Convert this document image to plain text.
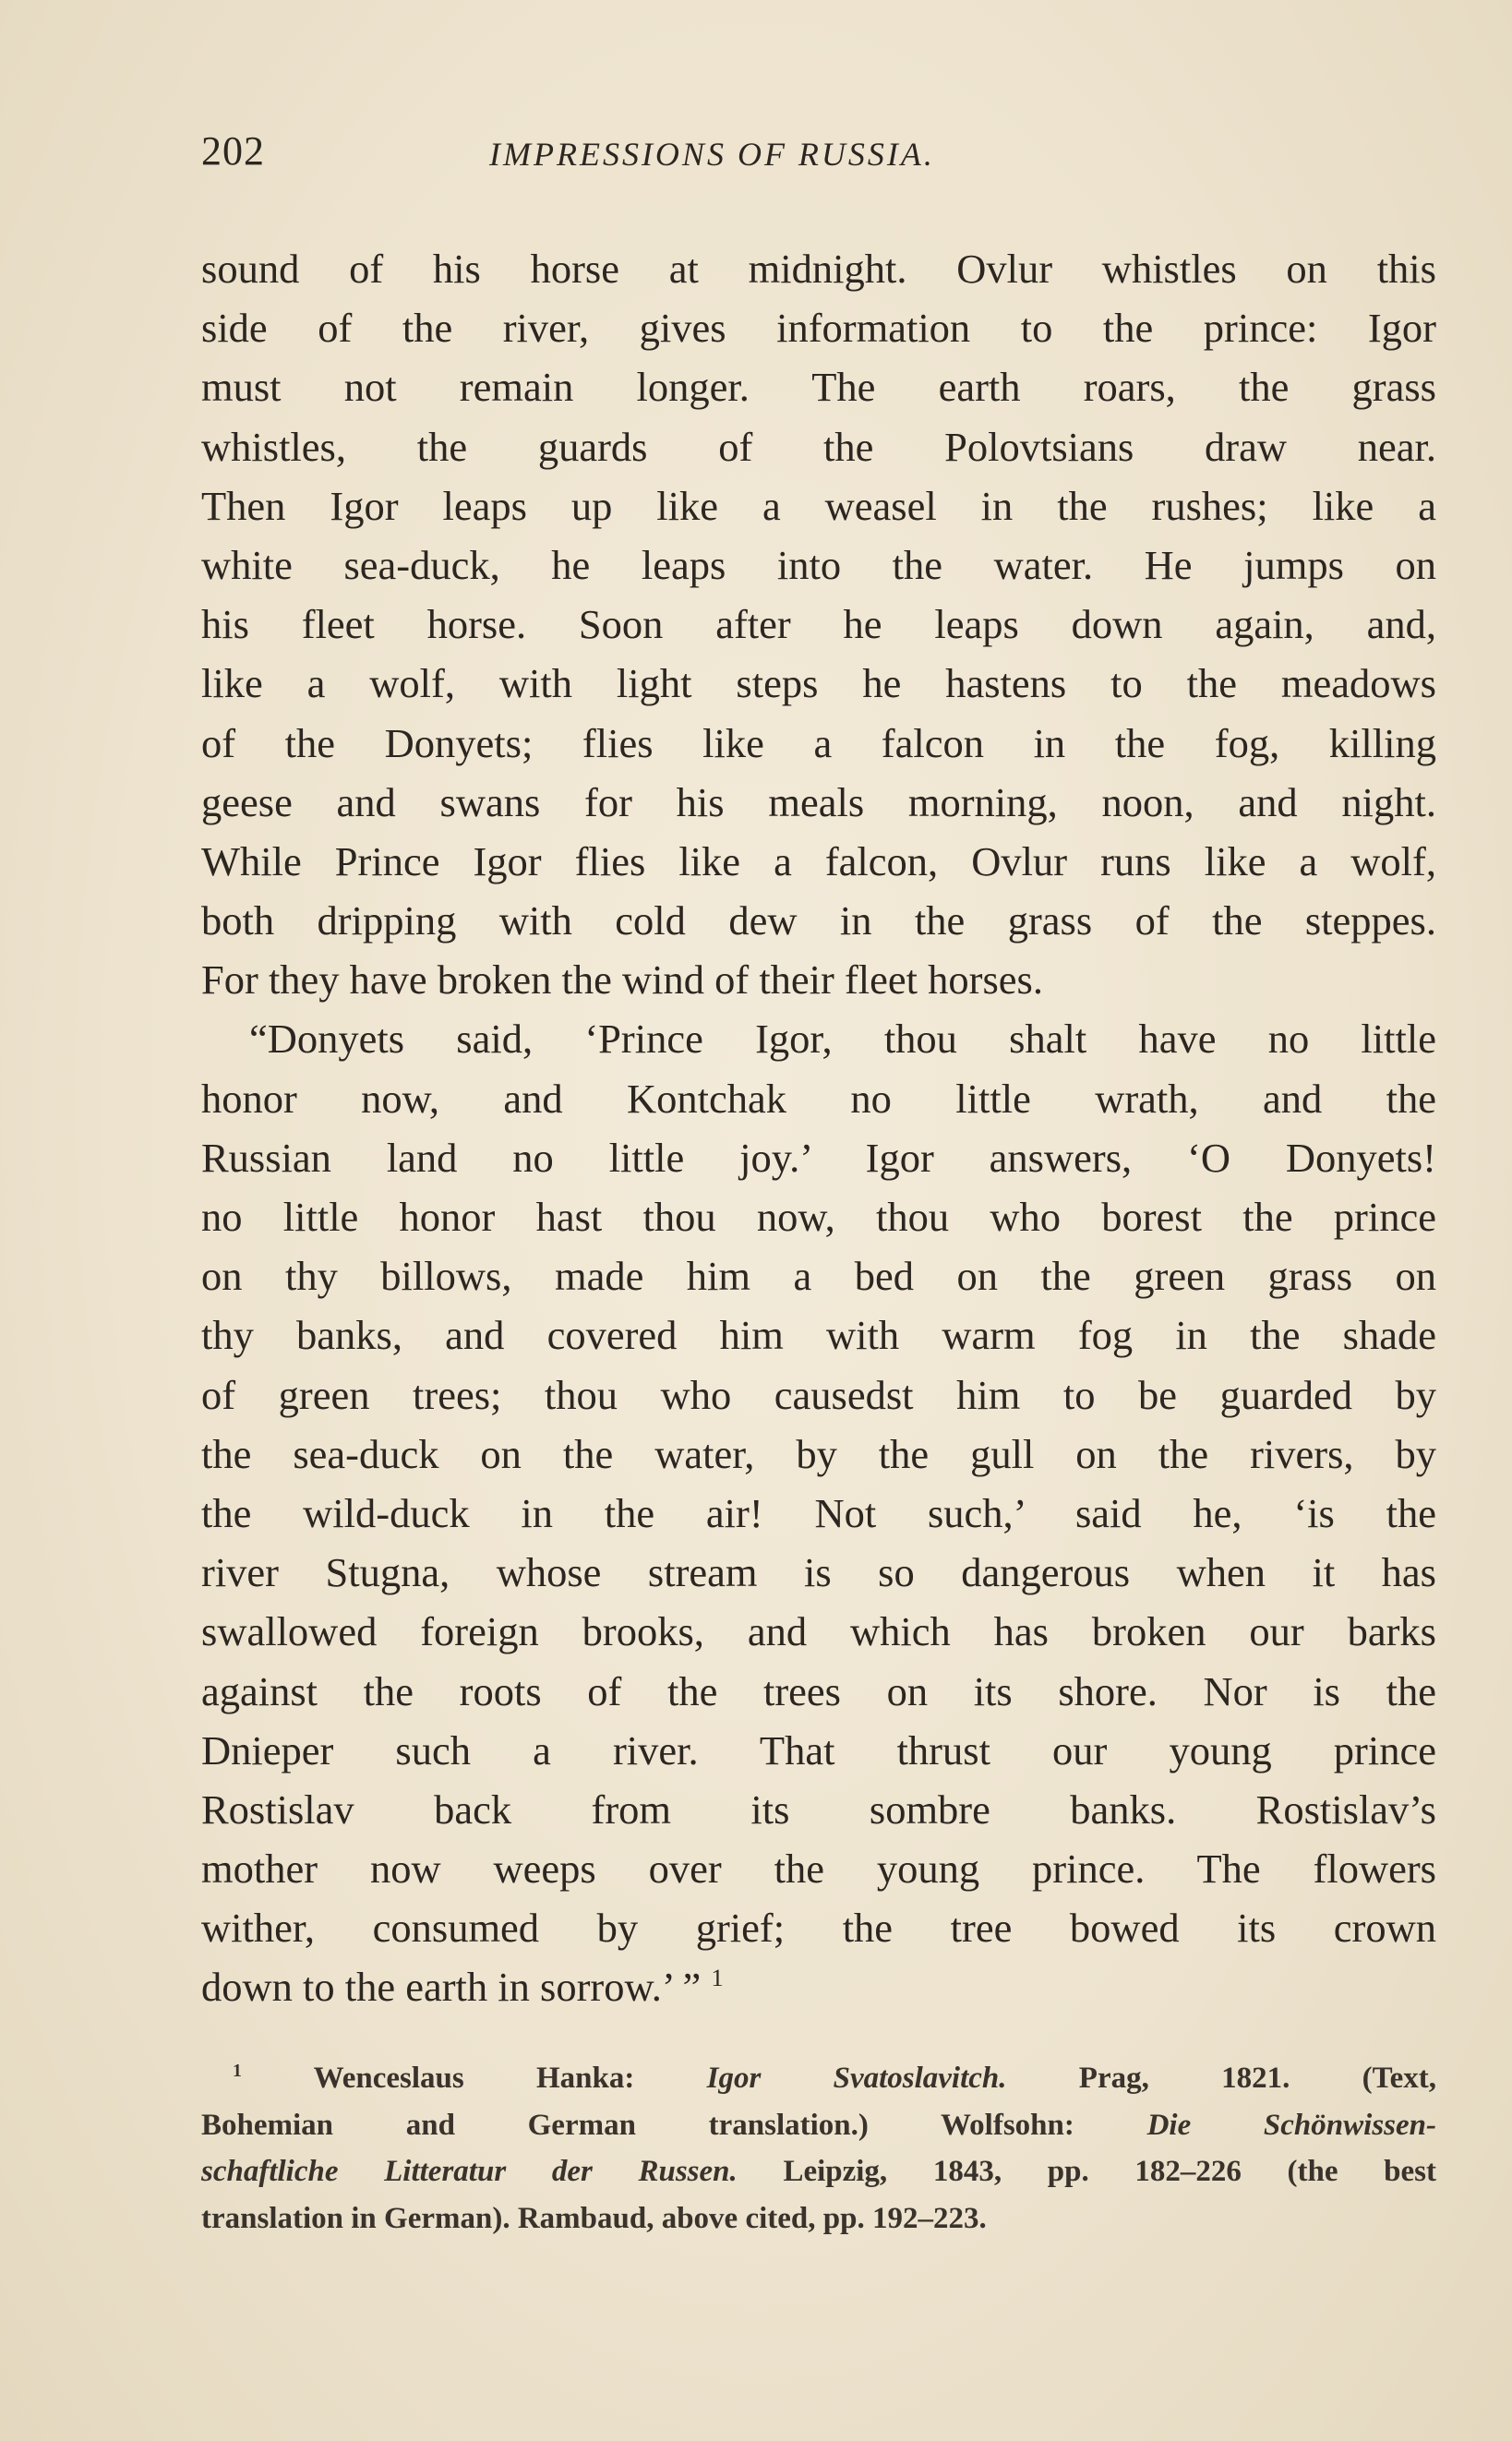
202	IMPRESSIONS OF RUSSIA.
sound of his horse at midnight. Ovlur whistles on this
side of the river, gives information to the prince: Igor
must not remain longer. The earth roars, the grass
whistles, the guards of the Polovtsians draw near.
Then Igor leaps up like a weasel in the rushes; like a
white sea-duck, he leaps into the water. He jumps on
his fleet horse. Soon after he leaps down again, and,
like a wolf, with light steps he hastens to the meadows
of the Donyets; flies like a falcon in the fog, killing
geese and swans for his meals morning, noon, and night.
While Prince Igor flies like a falcon, Ovlur runs like a wolf,
both dripping with cold dew in the grass of the steppes.
For they have broken the wind of their fleet horses.
“Donyets said, ‘Prince Igor, thou shalt have no little
honor now, and Kontchak no little wrath, and the
Russian land no little joy.’ Igor answers, ‘O Donyets!
no little honor hast thou now, thou who borest the prince
on thy billows, made him a bed on the green grass on
thy banks, and covered him with warm fog in the shade
of green trees; thou who causedst him to be guarded by
the sea-duck on the water, by the gull on the rivers, by
the wild-duck in the air! Not such,’ said he, ‘is the
river Stugna, whose stream is so dangerous when it has
swallowed foreign brooks, and which has broken our barks
against the roots of the trees on its shore. Nor is the
Dnieper such a river. That thrust our young prince
Rostislav back from its sombre banks. Rostislav’s
mother now weeps over the young prince. The flowers
wither, consumed by grief; the tree bowed its crown
down to the earth in sorrow.’ ” $^1$
$^1$ Wenceslaus Hanka: Igor Svatoslavitch. Prag, 1821. (Text,
Bohemian and German translation.) Wolfsohn: Die Schönwissen-
schaftliche Litteratur der Russen. Leipzig, 1843, pp. 182–226 (the best
translation in German). Rambaud, above cited, pp. 192–223.
